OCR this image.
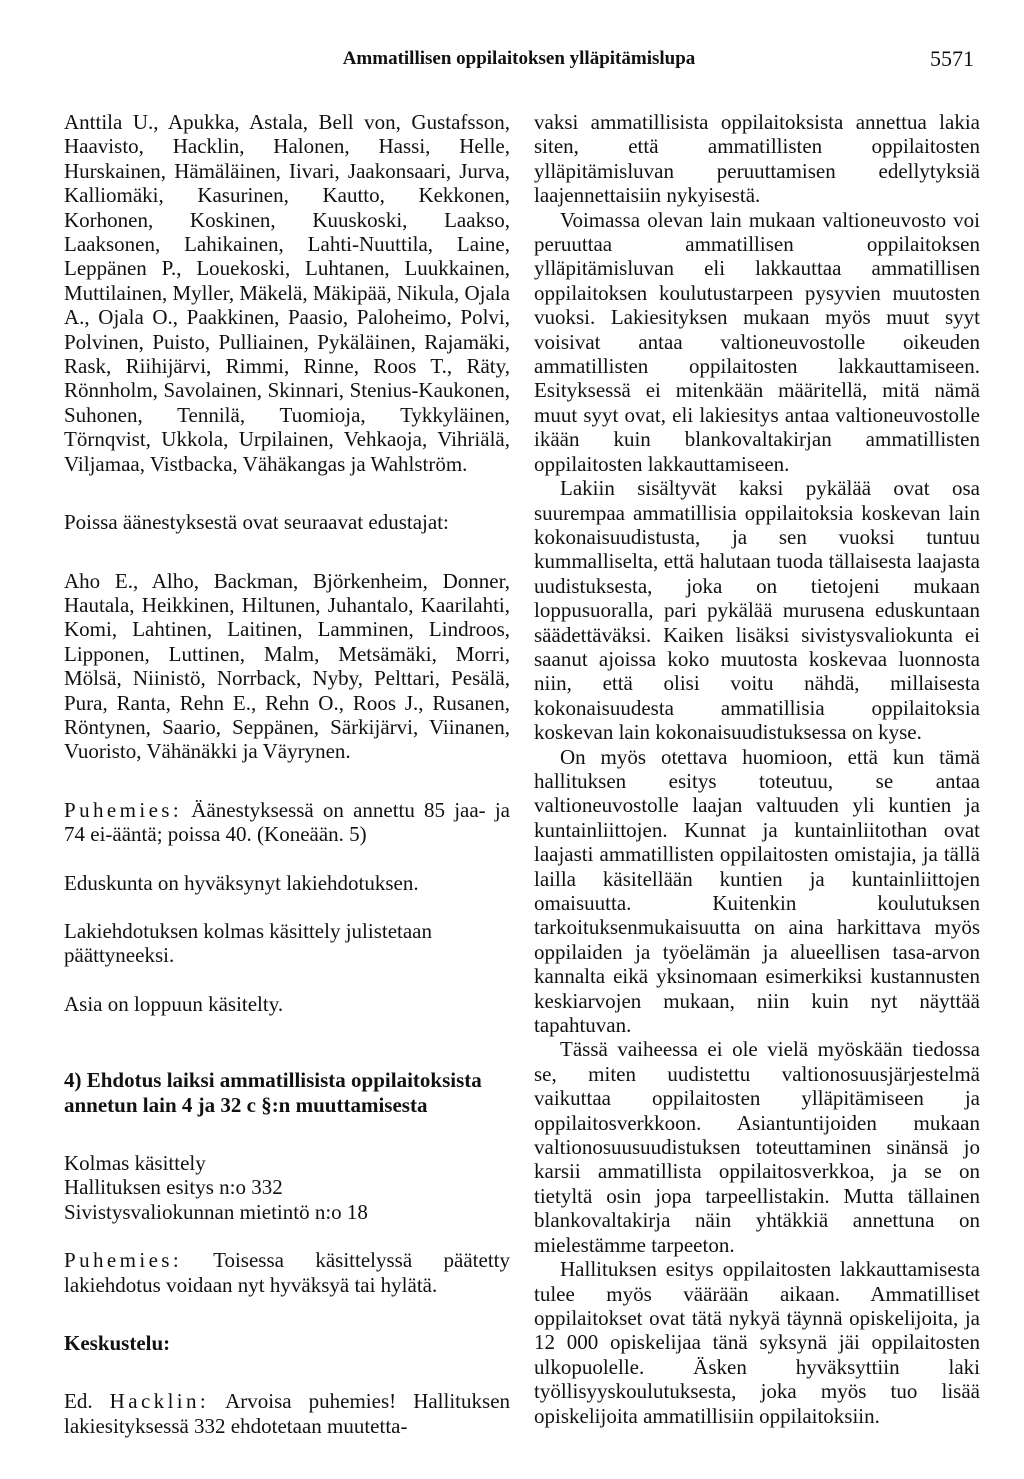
Ammatillisen oppilaitoksen ylläpitämislupa	5571

Anttila U., Apukka, Astala, Bell von, Gustafsson, Haavisto, Hacklin, Halonen, Hassi, Helle, Hurskainen, Hämäläinen, Iivari, Jaakonsaari, Jurva, Kalliomäki, Kasurinen, Kautto, Kekkonen, Korhonen, Koskinen, Kuuskoski, Laakso, Laaksonen, Lahikainen, Lahti-Nuuttila, Laine, Leppänen P., Louekoski, Luhtanen, Luukkainen, Muttilainen, Myller, Mäkelä, Mäkipää, Nikula, Ojala A., Ojala O., Paakkinen, Paasio, Paloheimo, Polvi, Polvinen, Puisto, Pulliainen, Pykäläinen, Rajamäki, Rask, Riihijärvi, Rimmi, Rinne, Roos T., Räty, Rönnholm, Savolainen, Skinnari, Stenius-Kaukonen, Suhonen, Tennilä, Tuomioja, Tykkyläinen, Törnqvist, Ukkola, Urpilainen, Vehkaoja, Vihriälä, Viljamaa, Vistbacka, Vähäkangas ja Wahlström.

Poissa äänestyksestä ovat seuraavat edustajat:

Aho E., Alho, Backman, Björkenheim, Donner, Hautala, Heikkinen, Hiltunen, Juhantalo, Kaarilahti, Komi, Lahtinen, Laitinen, Lamminen, Lindroos, Lipponen, Luttinen, Malm, Metsämäki, Morri, Mölsä, Niinistö, Norrback, Nyby, Pelttari, Pesälä, Pura, Ranta, Rehn E., Rehn O., Roos J., Rusanen, Röntynen, Saario, Seppänen, Särkijärvi, Viinanen, Vuoristo, Vähänäkki ja Väyrynen.

Puhemies: Äänestyksessä on annettu 85 jaa- ja 74 ei-ääntä; poissa 40. (Koneään. 5)

Eduskunta on hyväksynyt lakiehdotuksen.

Lakiehdotuksen kolmas käsittely julistetaan päättyneeksi.

Asia on loppuun käsitelty.

4) Ehdotus laiksi ammatillisista oppilaitoksista annetun lain 4 ja 32 c §:n muuttamisesta

Kolmas käsittely

Hallituksen esitys n:o 332

Sivistysvaliokunnan mietintö n:o 18

Puhemies: Toisessa käsittelyssä päätetty lakiehdotus voidaan nyt hyväksyä tai hylätä.

Keskustelu:

Ed. Hacklin: Arvoisa puhemies! Hallituksen lakiesityksessä 332 ehdotetaan muutetta-

vaksi ammatillisista oppilaitoksista annettua lakia siten, että ammatillisten oppilaitosten ylläpitämisluvan peruuttamisen edellytyksiä laajennettaisiin nykyisestä.

Voimassa olevan lain mukaan valtioneuvosto voi peruuttaa ammatillisen oppilaitoksen ylläpitämisluvan eli lakkauttaa ammatillisen oppilaitoksen koulutustarpeen pysyvien muutosten vuoksi. Lakiesityksen mukaan myös muut syyt voisivat antaa valtioneuvostolle oikeuden ammatillisten oppilaitosten lakkauttamiseen. Esityksessä ei mitenkään määritellä, mitä nämä muut syyt ovat, eli lakiesitys antaa valtioneuvostolle ikään kuin blankovaltakirjan ammatillisten oppilaitosten lakkauttamiseen.

Lakiin sisältyvät kaksi pykälää ovat osa suurempaa ammatillisia oppilaitoksia koskevan lain kokonaisuudistusta, ja sen vuoksi tuntuu kummalliselta, että halutaan tuoda tällaisesta laajasta uudistuksesta, joka on tietojeni mukaan loppusuoralla, pari pykälää murusena eduskuntaan säädettäväksi. Kaiken lisäksi sivistysvaliokunta ei saanut ajoissa koko muutosta koskevaa luonnosta niin, että olisi voitu nähdä, millaisesta kokonaisuudesta ammatillisia oppilaitoksia koskevan lain kokonaisuudistuksessa on kyse.

On myös otettava huomioon, että kun tämä hallituksen esitys toteutuu, se antaa valtioneuvostolle laajan valtuuden yli kuntien ja kuntainliittojen. Kunnat ja kuntainliitothan ovat laajasti ammatillisten oppilaitosten omistajia, ja tällä lailla käsitellään kuntien ja kuntainliittojen omaisuutta. Kuitenkin koulutuksen tarkoituksenmukaisuutta on aina harkittava myös oppilaiden ja työelämän ja alueellisen tasa-arvon kannalta eikä yksinomaan esimerkiksi kustannusten keskiarvojen mukaan, niin kuin nyt näyttää tapahtuvan.

Tässä vaiheessa ei ole vielä myöskään tiedossa se, miten uudistettu valtionosuusjärjestelmä vaikuttaa oppilaitosten ylläpitämiseen ja oppilaitosverkkoon. Asiantuntijoiden mukaan valtionosuusuudistuksen toteuttaminen sinänsä jo karsii ammatillista oppilaitosverkkoa, ja se on tietyltä osin jopa tarpeellistakin. Mutta tällainen blankovaltakirja näin yhtäkkiä annettuna on mielestämme tarpeeton.

Hallituksen esitys oppilaitosten lakkauttamisesta tulee myös väärään aikaan. Ammatilliset oppilaitokset ovat tätä nykyä täynnä opiskelijoita, ja 12 000 opiskelijaa tänä syksynä jäi oppilaitosten ulkopuolelle. Äsken hyväksyttiin laki työllisyyskoulutuksesta, joka myös tuo lisää opiskelijoita ammatillisiin oppilaitoksiin.
